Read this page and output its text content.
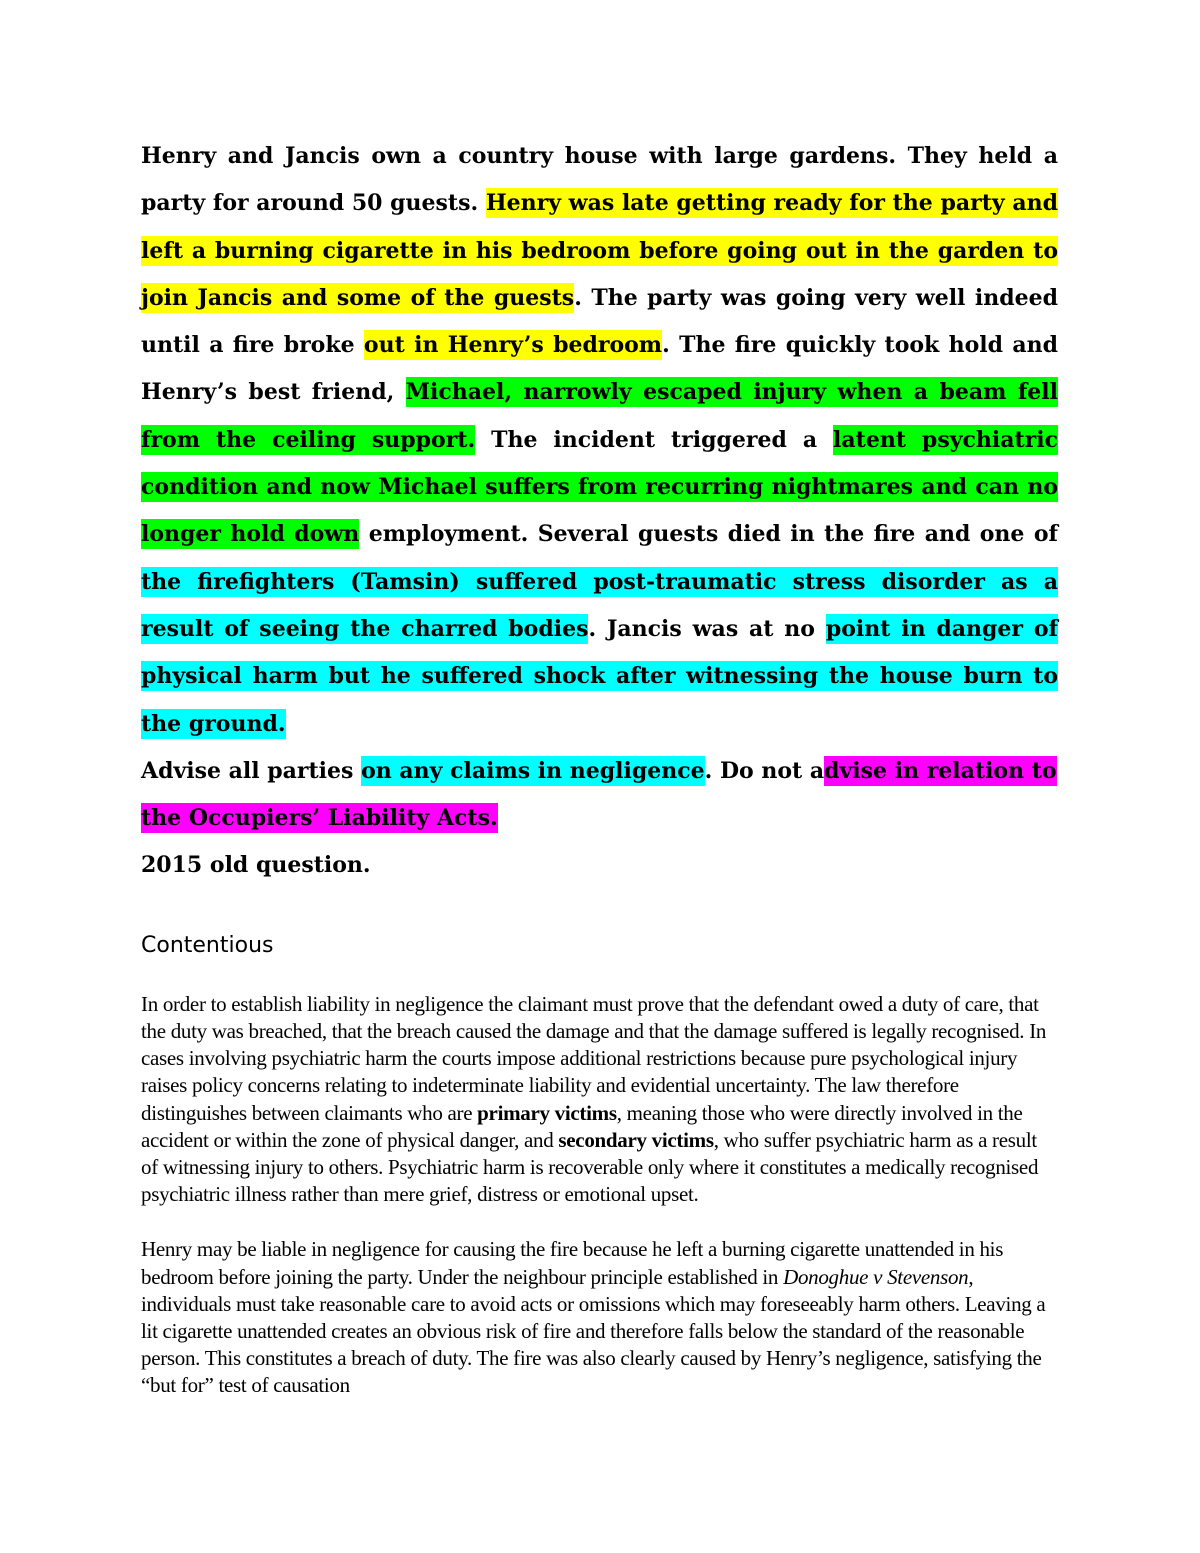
Henry and Jancis own a country house with large gardens. They held a party for around 50 guests. Henry was late getting ready for the party and left a burning cigarette in his bedroom before going out in the garden to join Jancis and some of the guests. The party was going very well indeed until a fire broke out in Henry’s bedroom. The fire quickly took hold and Henry’s best friend, Michael, narrowly escaped injury when a beam fell from the ceiling support. The incident triggered a latent psychiatric condition and now Michael suffers from recurring nightmares and can no longer hold down employment. Several guests died in the fire and one of the firefighters (Tamsin) suffered post-traumatic stress disorder as a result of seeing the charred bodies. Jancis was at no point in danger of physical harm but he suffered shock after witnessing the house burn to the ground.

Advise all parties on any claims in negligence. Do not advise in relation to the Occupiers’ Liability Acts.

2015 old question.

Contentious

In order to establish liability in negligence the claimant must prove that the defendant owed a duty of care, that the duty was breached, that the breach caused the damage and that the damage suffered is legally recognised. In cases involving psychiatric harm the courts impose additional restrictions because pure psychological injury raises policy concerns relating to indeterminate liability and evidential uncertainty. The law therefore distinguishes between claimants who are primary victims, meaning those who were directly involved in the accident or within the zone of physical danger, and secondary victims, who suffer psychiatric harm as a result of witnessing injury to others. Psychiatric harm is recoverable only where it constitutes a medically recognised psychiatric illness rather than mere grief, distress or emotional upset.

Henry may be liable in negligence for causing the fire because he left a burning cigarette unattended in his bedroom before joining the party. Under the neighbour principle established in Donoghue v Stevenson, individuals must take reasonable care to avoid acts or omissions which may foreseeably harm others. Leaving a lit cigarette unattended creates an obvious risk of fire and therefore falls below the standard of the reasonable person. This constitutes a breach of duty. The fire was also clearly caused by Henry’s negligence, satisfying the “but for” test of causation
